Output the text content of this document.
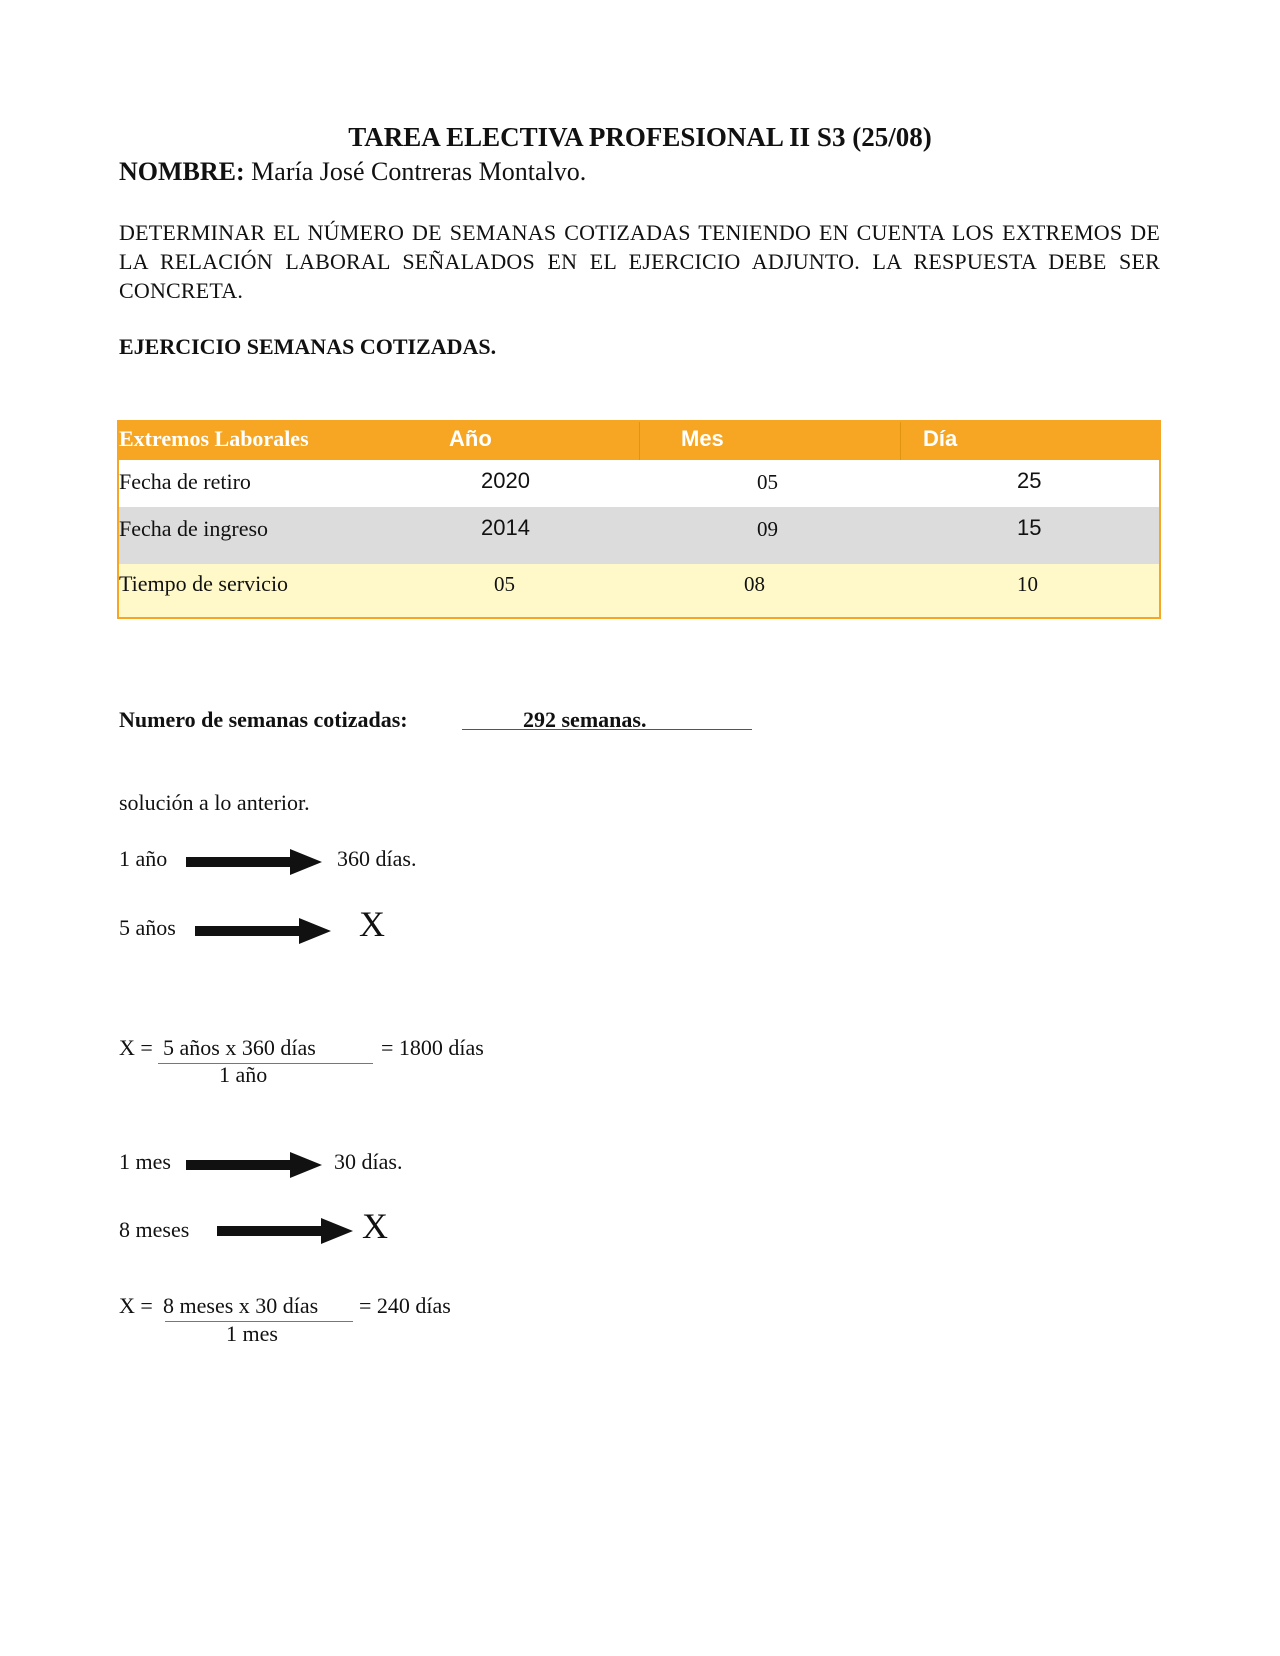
TAREA ELECTIVA PROFESIONAL II S3 (25/08)
NOMBRE: María José Contreras Montalvo.
DETERMINAR EL NÚMERO DE SEMANAS COTIZADAS TENIENDO EN CUENTA LOS EXTREMOS DE LA RELACIÓN LABORAL SEÑALADOS EN EL EJERCICIO ADJUNTO. LA RESPUESTA DEBE SER CONCRETA.
EJERCICIO SEMANAS COTIZADAS.
Extremos Laborales	Año	Mes	Día
Fecha de retiro	2020	05	25
Fecha de ingreso	2014	09	15
Tiempo de servicio	05	08	10
Numero de semanas cotizadas:	292 semanas.
solución a lo anterior.
1 año	360 días.
5 años	X
X = 5 años x 360 días	= 1800 días
1 año
1 mes	30 días.
8 meses	X
X = 8 meses x 30 días = 240 días
1 mes
